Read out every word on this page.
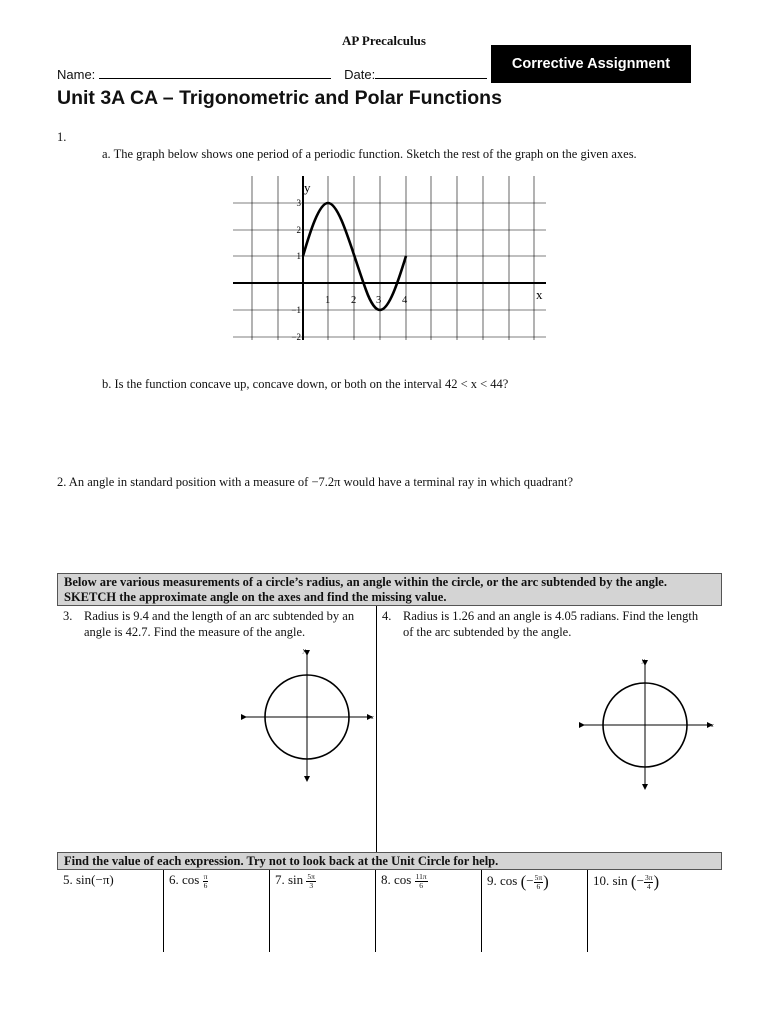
AP Precalculus
Name:	Date:
Corrective Assignment
Unit 3A CA – Trigonometric and Polar Functions
1.
a. The graph below shows one period of a periodic function. Sketch the rest of the graph on the given axes.
y
x
1 2 3 4
3
2
1
−1
−2
b. Is the function concave up, concave down, or both on the interval 42 < x < 44?
2. An angle in standard position with a measure of −7.2π would have a terminal ray in which quadrant?
Below are various measurements of a circle’s radius, an angle within the circle, or the arc subtended by the angle. SKETCH the approximate angle on the axes and find the missing value.
3. Radius is 9.4 and the length of an arc subtended by an angle is 42.7. Find the measure of the angle.
4. Radius is 1.26 and an angle is 4.05 radians. Find the length of the arc subtended by the angle.
y
x
y
x
Find the value of each expression. Try not to look back at the Unit Circle for help.
5. sin(−π)	6. $\cos \frac{\pi}{6}$	7. $\sin \frac{5\pi}{3}$	8. $\cos \frac{11\pi}{6}$	9. cos (− $\frac{5\pi}{6}$ )	10. sin (− $\frac{3\pi}{4}$ )
